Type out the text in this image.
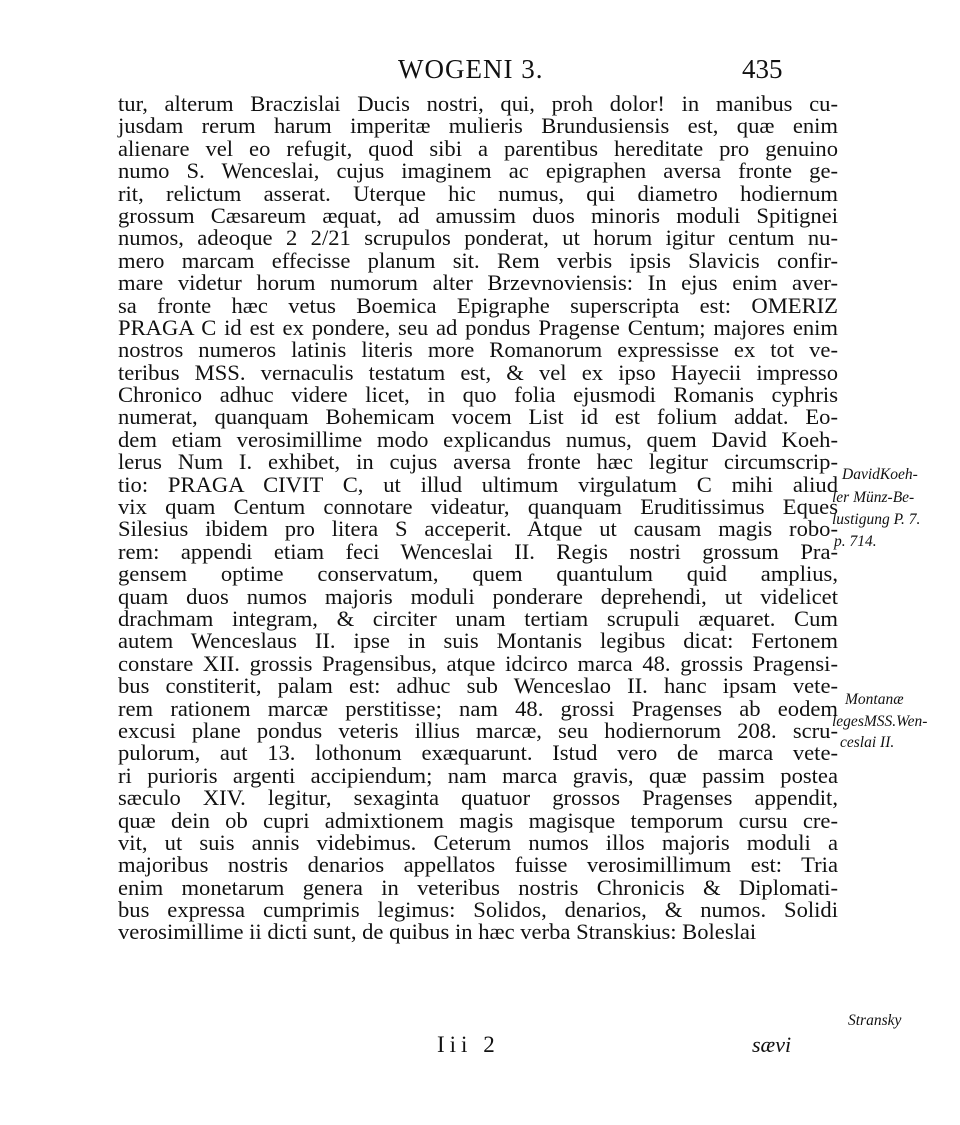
WOGENI 3.	435
tur, alterum Braczislai Ducis nostri, qui, proh dolor! in manibus cu-
jusdam rerum harum imperitæ mulieris Brundusiensis est, quæ enim
alienare vel eo refugit, quod sibi a parentibus hereditate pro genuino
numo S. Wenceslai, cujus imaginem ac epigraphen aversa fronte ge-
rit, relictum asserat. Uterque hic numus, qui diametro hodiernum
grossum Cæsareum æquat, ad amussim duos minoris moduli Spitignei
numos, adeoque 2 2/21 scrupulos ponderat, ut horum igitur centum nu-
mero marcam effecisse planum sit. Rem verbis ipsis Slavicis confir-
mare videtur horum numorum alter Brzevnoviensis: In ejus enim aver-
sa fronte hæc vetus Boemica Epigraphe superscripta est: OMERIZ
PRAGA C id est ex pondere, seu ad pondus Pragense Centum; majores enim
nostros numeros latinis literis more Romanorum expressisse ex tot ve-
teribus MSS. vernaculis testatum est, & vel ex ipso Hayecii impresso
Chronico adhuc videre licet, in quo folia ejusmodi Romanis cyphris
numerat, quanquam Bohemicam vocem List id est folium addat. Eo-
dem etiam verosimillime modo explicandus numus, quem David Koeh-
lerus Num I. exhibet, in cujus aversa fronte hæc legitur circumscrip-
tio: PRAGA CIVIT C, ut illud ultimum virgulatum C mihi aliud
vix quam Centum connotare videatur, quanquam Eruditissimus Eques
Silesius ibidem pro litera S acceperit. Atque ut causam magis robo-
rem: appendi etiam feci Wenceslai II. Regis nostri grossum Pra-
gensem optime conservatum, quem quantulum quid amplius,
quam duos numos majoris moduli ponderare deprehendi, ut videlicet
drachmam integram, & circiter unam tertiam scrupuli æquaret. Cum
autem Wenceslaus II. ipse in suis Montanis legibus dicat: Fertonem
constare XII. grossis Pragensibus, atque idcirco marca 48. grossis Pragensi-
bus constiterit, palam est: adhuc sub Wenceslao II. hanc ipsam vete-
rem rationem marcæ perstitisse; nam 48. grossi Pragenses ab eodem
excusi plane pondus veteris illius marcæ, seu hodiernorum 208. scru-
pulorum, aut 13. lothonum exæquarunt. Istud vero de marca vete-
ri purioris argenti accipiendum; nam marca gravis, quæ passim postea
sæculo XIV. legitur, sexaginta quatuor grossos Pragenses appendit,
quæ dein ob cupri admixtionem magis magisque temporum cursu cre-
vit, ut suis annis videbimus. Ceterum numos illos majoris moduli a
majoribus nostris denarios appellatos fuisse verosimillimum est: Tria
enim monetarum genera in veteribus nostris Chronicis & Diplomati-
bus expressa cumprimis legimus: Solidos, denarios, & numos. Solidi
verosimillime ii dicti sunt, de quibus in hæc verba Stranskius: Boleslai
DavidKoeh-
ler Münz-Be-
lustigung P. 7.
p. 714.
Montanæ
legesMSS.Wen-
ceslai II.
Stransky
Iii 2	sævi
